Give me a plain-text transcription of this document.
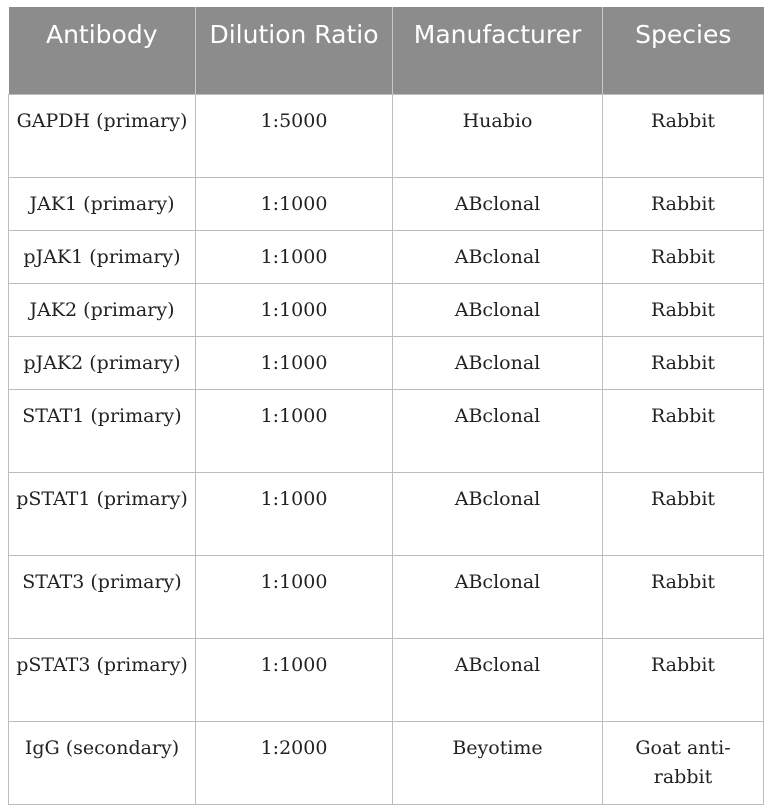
Antibody	Dilution Ratio	Manufacturer	Species
GAPDH (primary)	1:5000	Huabio	Rabbit
JAK1 (primary)	1:1000	ABclonal	Rabbit
pJAK1 (primary)	1:1000	ABclonal	Rabbit
JAK2 (primary)	1:1000	ABclonal	Rabbit
pJAK2 (primary)	1:1000	ABclonal	Rabbit
STAT1 (primary)	1:1000	ABclonal	Rabbit
pSTAT1 (primary)	1:1000	ABclonal	Rabbit
STAT3 (primary)	1:1000	ABclonal	Rabbit
pSTAT3 (primary)	1:1000	ABclonal	Rabbit
IgG (secondary)	1:2000	Beyotime	Goat anti-rabbit
